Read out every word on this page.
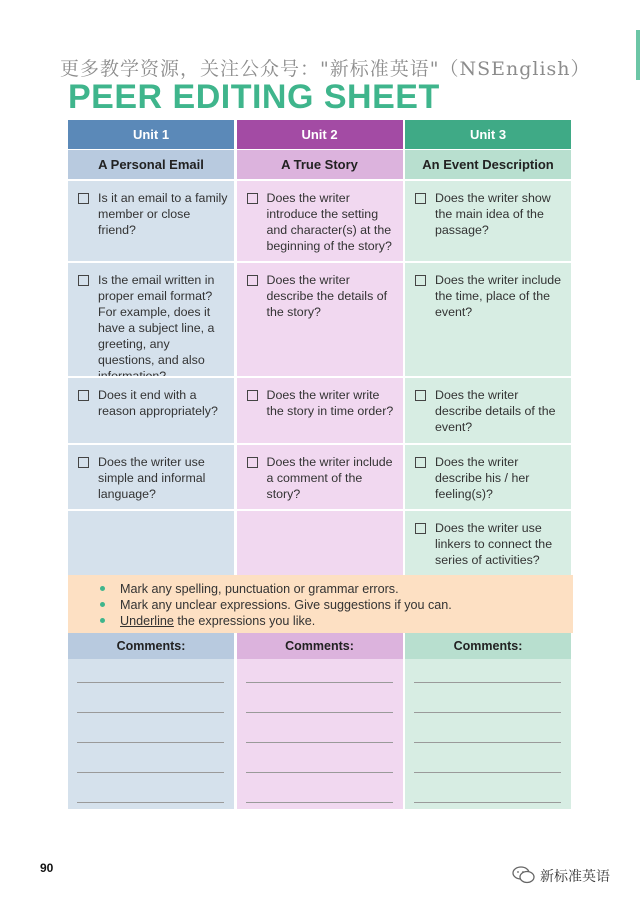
更多教学资源，关注公众号："新标准英语"（NSEnglish）
PEER EDITING SHEET
Unit 1
A Personal Email
Is it an email to a family member or close friend?
Is the email written in proper email format? For example, does it have a subject line, a greeting, any questions, and also
Does it end with a reason appropriately?
Does the writer use simple and informal language?
Unit 2
A True Story
Does the writer introduce the setting and character(s) at the beginning of the story?
Does the writer describe the details of the story?
Does the writer write the story in time order?
Does the writer include a comment of the story?
Unit 3
An Event Description
Does the writer show the main idea of the passage?
Does the writer include the time, place of the event?
Does the writer describe details of the event?
Does the writer describe his / her feeling(s)?
Does the writer use linkers to connect the series of activities?
Mark any spelling, punctuation or grammar errors.
Mark any unclear expressions. Give suggestions if you can.
Underline the expressions you like.
Comments:	Comments:	Comments:
90
新标准英语
